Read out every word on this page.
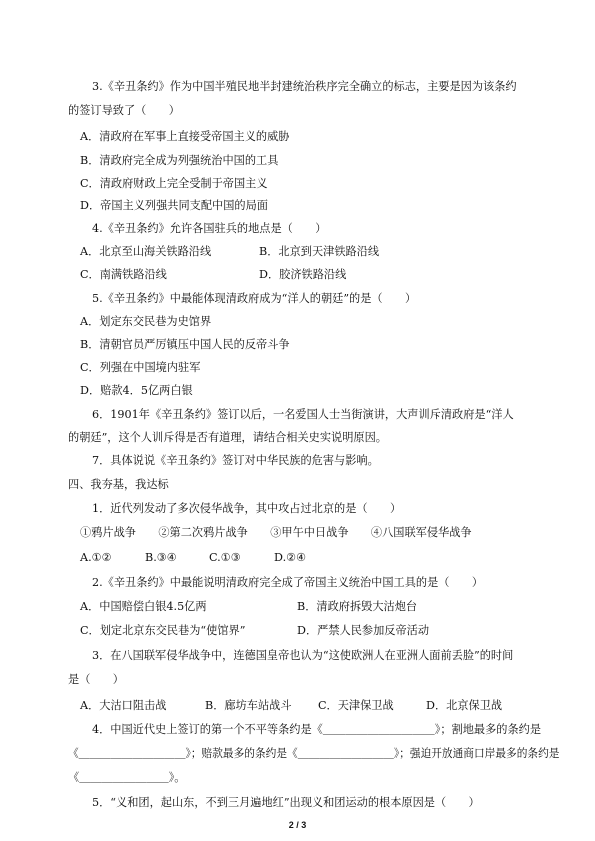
3.《辛丑条约》作为中国半殖民地半封建统治秩序完全确立的标志，主要是因为该条约
的签订导致了（　　）
A．清政府在军事上直接受帝国主义的威胁
B．清政府完全成为列强统治中国的工具
C．清政府财政上完全受制于帝国主义
D．帝国主义列强共同支配中国的局面
4.《辛丑条约》允许各国驻兵的地点是（　　）
A．北京至山海关铁路沿线	B．北京到天津铁路沿线
C．南满铁路沿线	D．胶济铁路沿线
5.《辛丑条约》中最能体现清政府成为“洋人的朝廷”的是（　　）
A．划定东交民巷为史馆界
B．清朝官员严厉镇压中国人民的反帝斗争
C．列强在中国境内驻军
D．赔款4．5亿两白银
6．1901年《辛丑条约》签订以后，一名爱国人士当街演讲，大声训斥清政府是“洋人
的朝廷”，这个人训斥得是否有道理，请结合相关史实说明原因。
7．具体说说《辛丑条约》签订对中华民族的危害与影响。
四、我夯基，我达标
1．近代列发动了多次侵华战争，其中攻占过北京的是（　　）
①鸦片战争　　②第二次鸦片战争　　③甲午中日战争　　④八国联军侵华战争
A.①②	B.③④	C.①③	D.②④
2.《辛丑条约》中最能说明清政府完全成了帝国主义统治中国工具的是（　　）
A．中国赔偿白银4.5亿两	B．清政府拆毁大沽炮台
C．划定北京东交民巷为“使馆界”	D．严禁人民参加反帝活动
3．在八国联军侵华战争中，连德国皇帝也认为“这使欧洲人在亚洲人面前丢脸”的时间
是（　　）
A．大沽口阻击战	B．廊坊车站战斗 C．天津保卫战	D．北京保卫战
4．中国近代史上签订的第一个不平等条约是《＿＿＿＿＿＿＿＿＿＿》；割地最多的条约是
《＿＿＿＿＿＿＿＿＿＿》；赔款最多的条约是《＿＿＿＿＿＿＿＿＿》；强迫开放通商口岸最多的条约是
《＿＿＿＿＿＿＿＿》。
5．“义和团，起山东，不到三月遍地红”出现义和团运动的根本原因是（　　）
2 / 3
